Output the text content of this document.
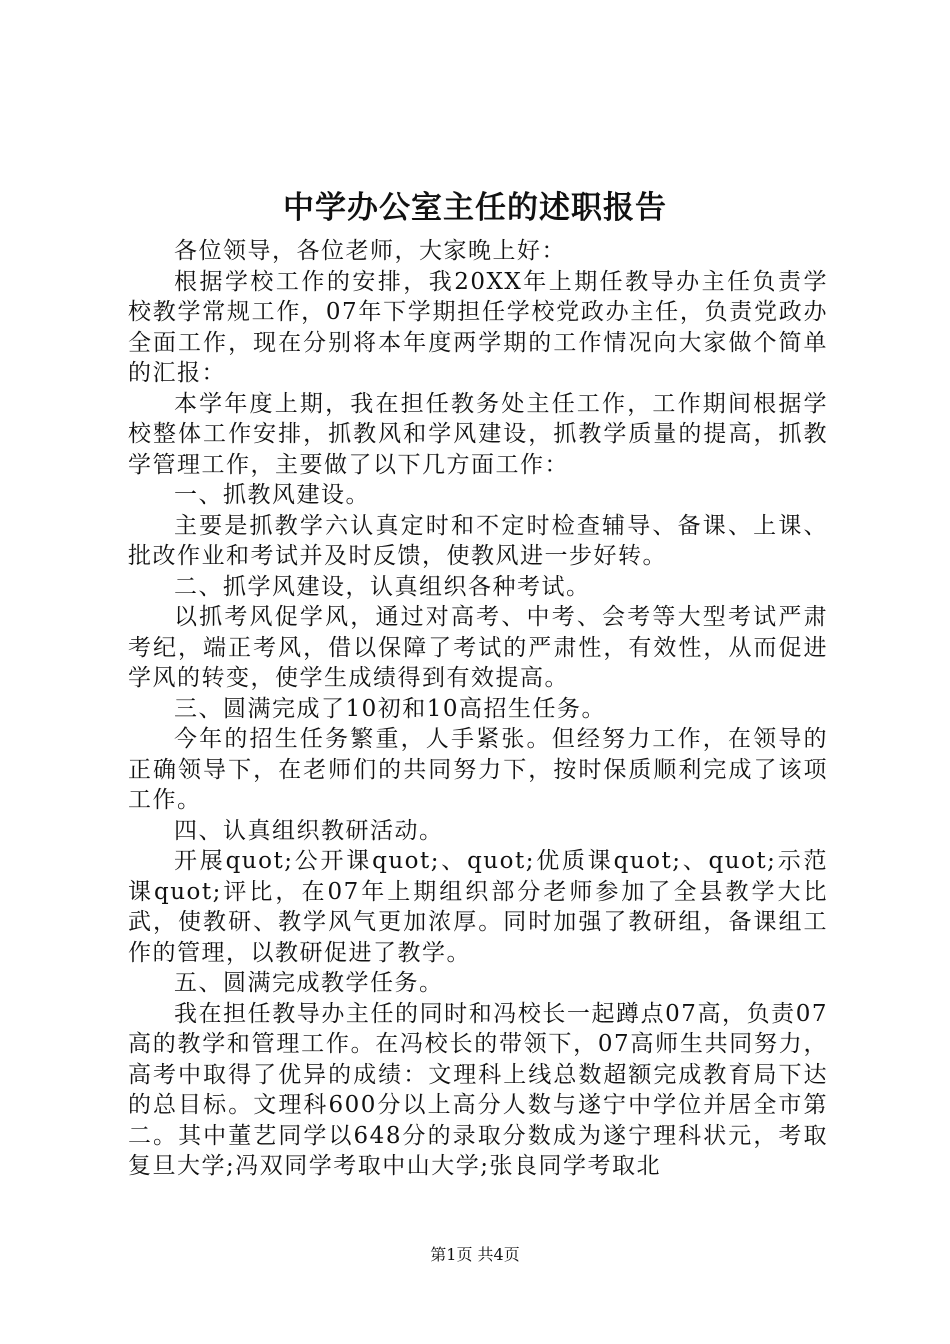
中学办公室主任的述职报告

各位领导，各位老师，大家晚上好：

根据学校工作的安排，我20XX年上期任教导办主任负责学校教学常规工作，07年下学期担任学校党政办主任，负责党政办全面工作，现在分别将本年度两学期的工作情况向大家做个简单的汇报：

本学年度上期，我在担任教务处主任工作，工作期间根据学校整体工作安排，抓教风和学风建设，抓教学质量的提高，抓教学管理工作，主要做了以下几方面工作：

一、抓教风建设。

主要是抓教学六认真定时和不定时检查辅导、备课、上课、批改作业和考试并及时反馈，使教风进一步好转。

二、抓学风建设，认真组织各种考试。

以抓考风促学风，通过对高考、中考、会考等大型考试严肃考纪，端正考风，借以保障了考试的严肃性，有效性，从而促进学风的转变，使学生成绩得到有效提高。

三、圆满完成了10初和10高招生任务。

今年的招生任务繁重，人手紧张。但经努力工作，在领导的正确领导下，在老师们的共同努力下，按时保质顺利完成了该项工作。

四、认真组织教研活动。

开展quot;公开课quot;、quot;优质课quot;、quot;示范课quot;评比，在07年上期组织部分老师参加了全县教学大比武，使教研、教学风气更加浓厚。同时加强了教研组，备课组工作的管理，以教研促进了教学。

五、圆满完成教学任务。

我在担任教导办主任的同时和冯校长一起蹲点07高，负责07高的教学和管理工作。在冯校长的带领下，07高师生共同努力，高考中取得了优异的成绩：文理科上线总数超额完成教育局下达的总目标。文理科600分以上高分人数与遂宁中学位并居全市第二。其中董艺同学以648分的录取分数成为遂宁理科状元，考取复旦大学;冯双同学考取中山大学;张良同学考取北

第1页 共4页
